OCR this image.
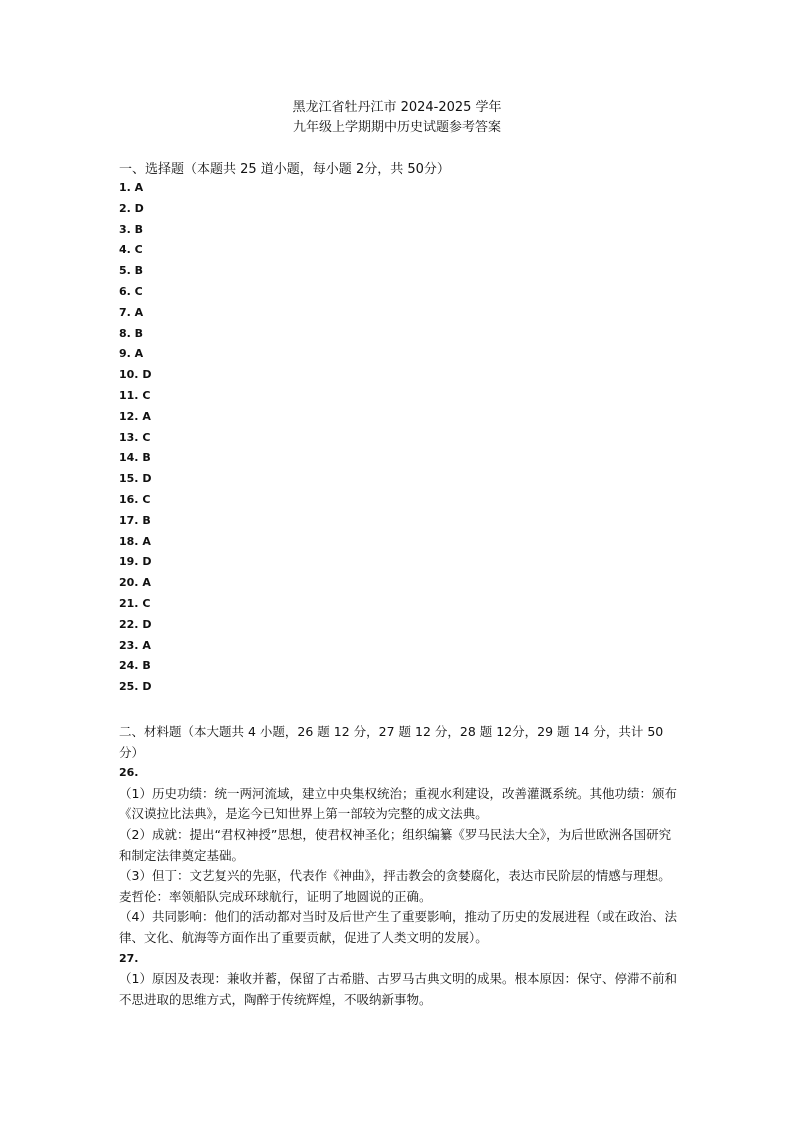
黑龙江省牡丹江市 2024-2025 学年
九年级上学期期中历史试题参考答案
一、选择题（本题共 25 道小题，每小题 2分，共 50分）
1. A
2. D
3. B
4. C
5. B
6. C
7. A
8. B
9. A
10. D
11. C
12. A
13. C
14. B
15. D
16. C
17. B
18. A
19. D
20. A
21. C
22. D
23. A
24. B
25. D

二、材料题（本大题共 4 小题，26 题 12 分，27 题 12 分，28 题 12分，29 题 14 分，共计 50分）

26.

（1）历史功绩：统一两河流域，建立中央集权统治；重视水利建设，改善灌溉系统。其他功绩：颁布《汉谟拉比法典》，是迄今已知世界上第一部较为完整的成文法典。

（2）成就：提出“君权神授”思想，使君权神圣化；组织编纂《罗马民法大全》，为后世欧洲各国研究和制定法律奠定基础。

（3）但丁：文艺复兴的先驱，代表作《神曲》，抨击教会的贪婪腐化，表达市民阶层的情感与理想。麦哲伦：率领船队完成环球航行，证明了地圆说的正确。

（4）共同影响：他们的活动都对当时及后世产生了重要影响，推动了历史的发展进程（或在政治、法律、文化、航海等方面作出了重要贡献，促进了人类文明的发展）。

27.

（1）原因及表现：兼收并蓄，保留了古希腊、古罗马古典文明的成果。根本原因：保守、停滞不前和不思进取的思维方式，陶醉于传统辉煌，不吸纳新事物。
